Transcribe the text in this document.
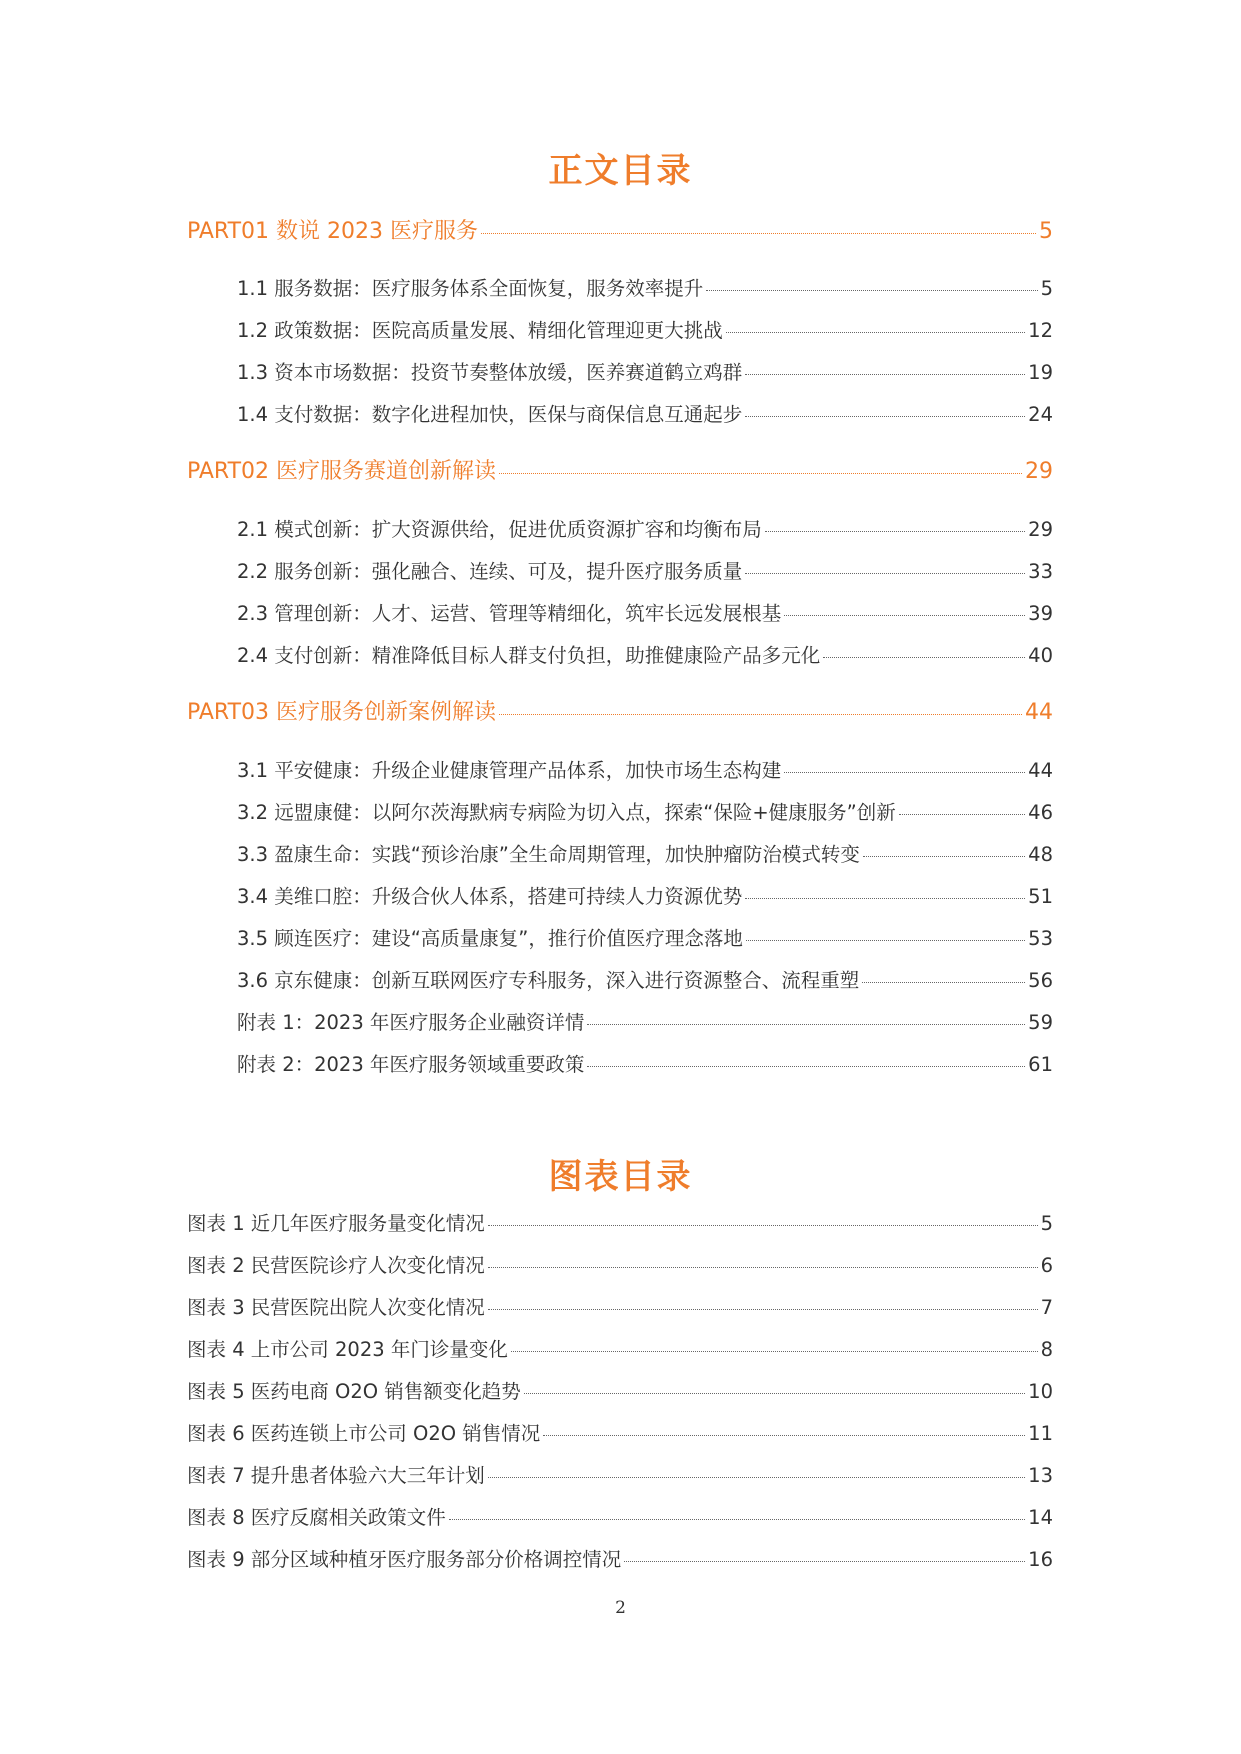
正文目录
PART01 数说 2023 医疗服务	5
1.1 服务数据：医疗服务体系全面恢复，服务效率提升	5
1.2 政策数据：医院高质量发展、精细化管理迎更大挑战	12
1.3 资本市场数据：投资节奏整体放缓，医养赛道鹤立鸡群	19
1.4 支付数据：数字化进程加快，医保与商保信息互通起步	24
PART02 医疗服务赛道创新解读	29
2.1 模式创新：扩大资源供给，促进优质资源扩容和均衡布局	29
2.2 服务创新：强化融合、连续、可及，提升医疗服务质量	33
2.3 管理创新：人才、运营、管理等精细化，筑牢长远发展根基	39
2.4 支付创新：精准降低目标人群支付负担，助推健康险产品多元化	40
PART03 医疗服务创新案例解读	44
3.1 平安健康：升级企业健康管理产品体系，加快市场生态构建	44
3.2 远盟康健：以阿尔茨海默病专病险为切入点，探索“保险+健康服务”创新	46
3.3 盈康生命：实践“预诊治康”全生命周期管理，加快肿瘤防治模式转变	48
3.4 美维口腔：升级合伙人体系，搭建可持续人力资源优势	51
3.5 顾连医疗：建设“高质量康复”，推行价值医疗理念落地	53
3.6 京东健康：创新互联网医疗专科服务，深入进行资源整合、流程重塑	56
附表 1：2023 年医疗服务企业融资详情	59
附表 2：2023 年医疗服务领域重要政策	61
图表目录
图表 1 近几年医疗服务量变化情况	5
图表 2 民营医院诊疗人次变化情况	6
图表 3 民营医院出院人次变化情况	7
图表 4 上市公司 2023 年门诊量变化	8
图表 5 医药电商 O2O 销售额变化趋势	10
图表 6 医药连锁上市公司 O2O 销售情况	11
图表 7 提升患者体验六大三年计划	13
图表 8 医疗反腐相关政策文件	14
图表 9 部分区域种植牙医疗服务部分价格调控情况	16
2
